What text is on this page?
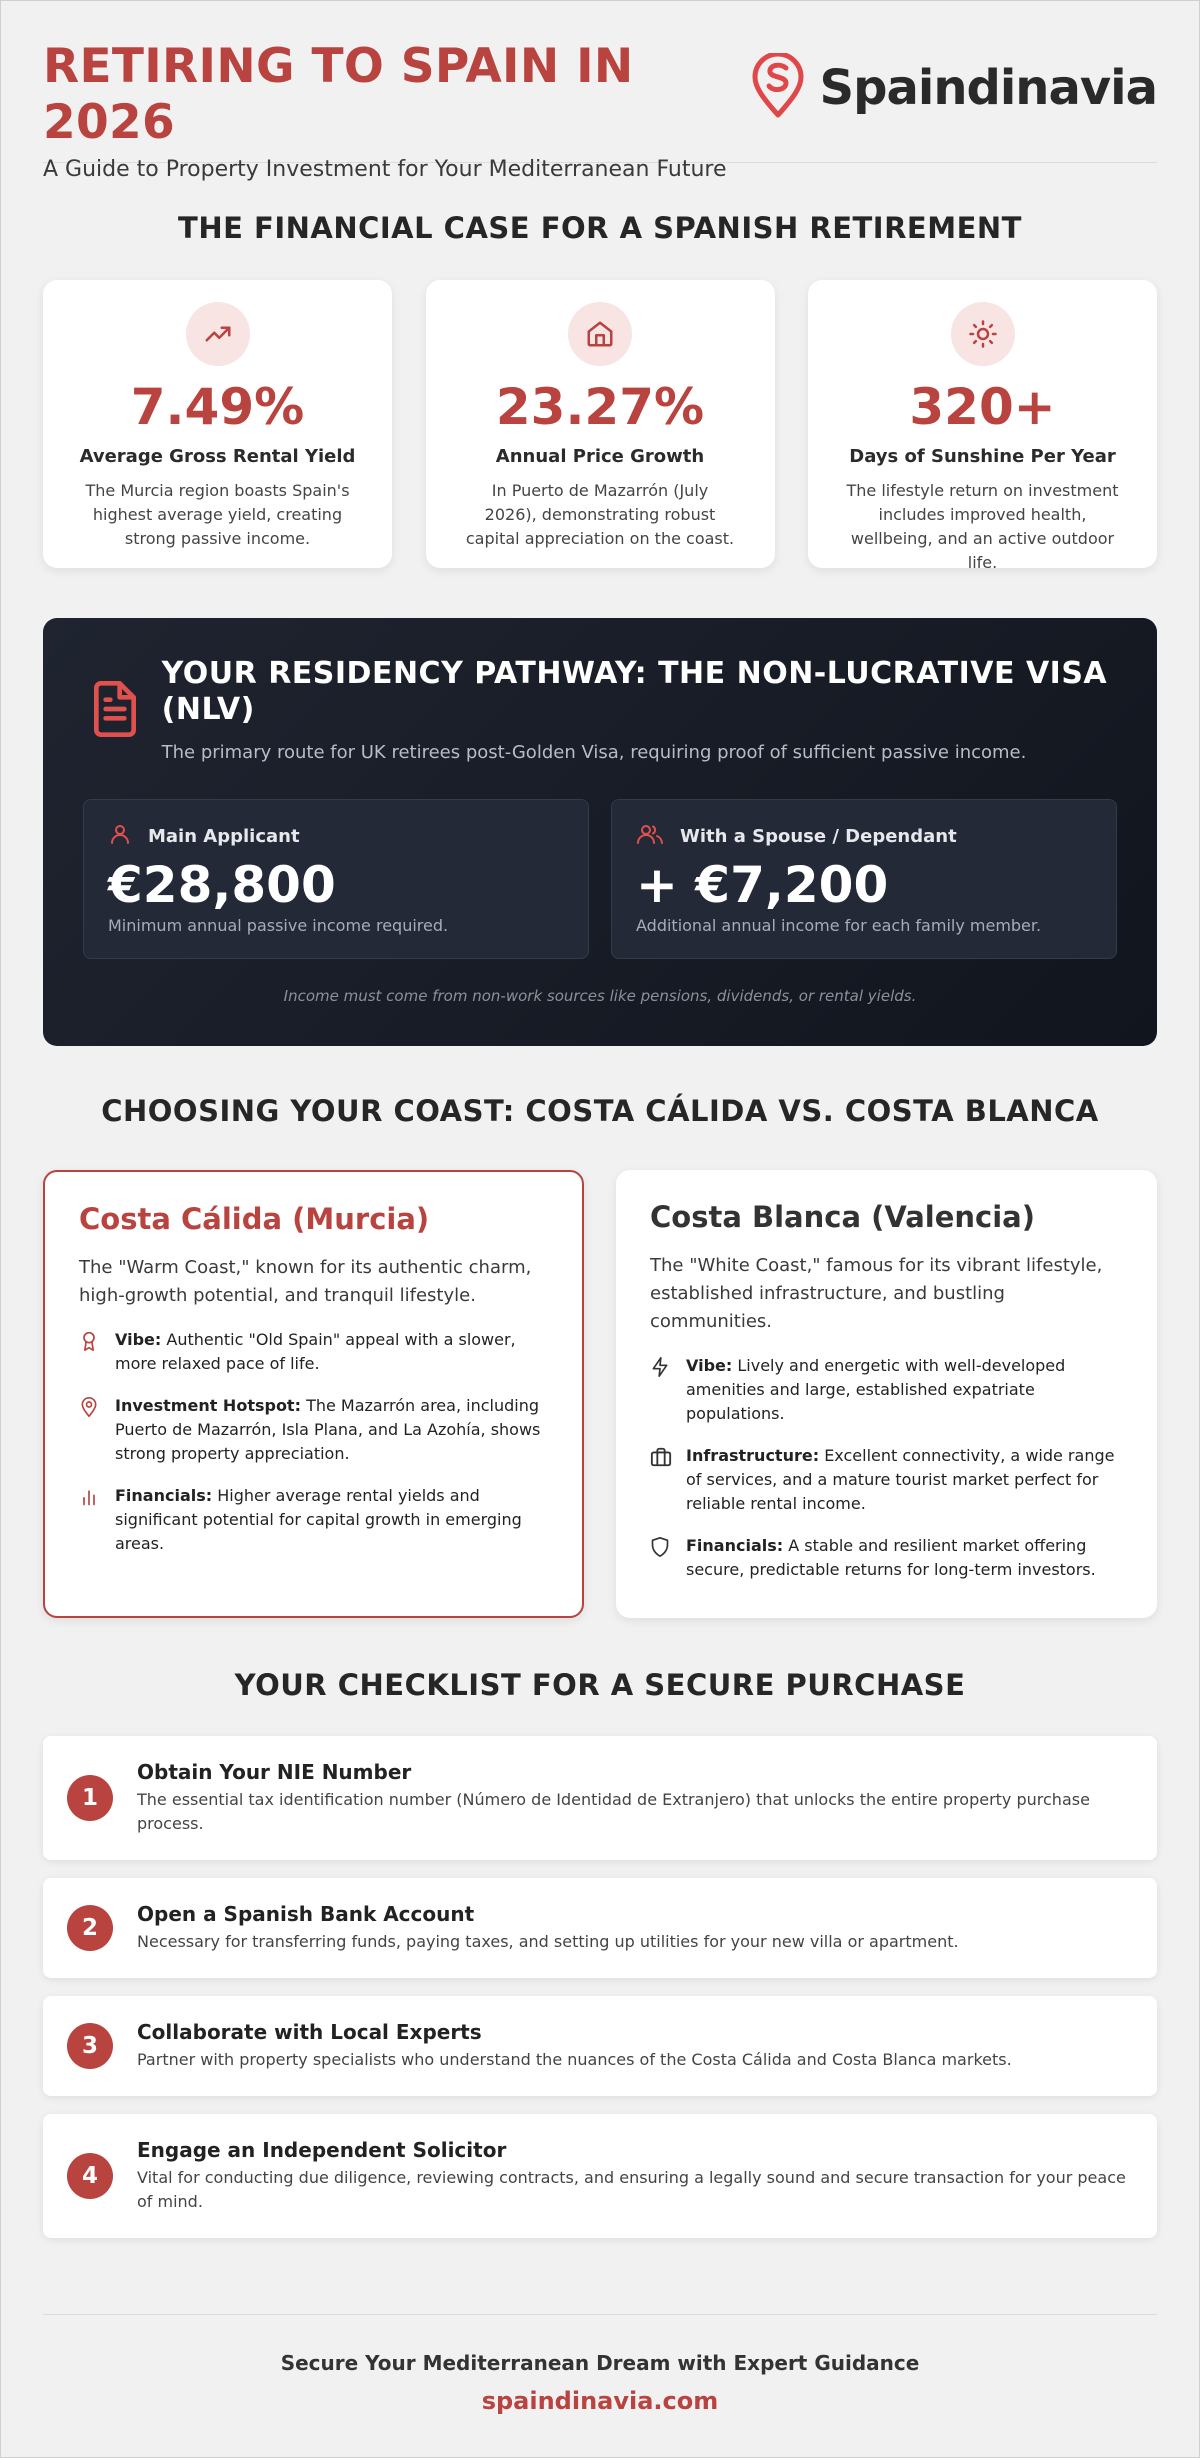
RETIRING TO SPAIN IN 2026
A Guide to Property Investment for Your Mediterranean Future
Spaindinavia
THE FINANCIAL CASE FOR A SPANISH RETIREMENT
7.49%
Average Gross Rental Yield
The Murcia region boasts Spain's highest average yield, creating strong passive income.
23.27%
Annual Price Growth
In Puerto de Mazarrón (July 2026), demonstrating robust capital appreciation on the coast.
320+
Days of Sunshine Per Year
The lifestyle return on investment includes improved health, wellbeing, and an active outdoor life.
YOUR RESIDENCY PATHWAY: THE NON-LUCRATIVE VISA (NLV)
The primary route for UK retirees post-Golden Visa, requiring proof of sufficient passive income.
Main Applicant
€28,800
Minimum annual passive income required.
With a Spouse / Dependant
+ €7,200
Additional annual income for each family member.
Income must come from non-work sources like pensions, dividends, or rental yields.
CHOOSING YOUR COAST: COSTA CÁLIDA VS. COSTA BLANCA
Costa Cálida (Murcia)
The "Warm Coast," known for its authentic charm, high-growth potential, and tranquil lifestyle.
Vibe: Authentic "Old Spain" appeal with a slower, more relaxed pace of life.
Investment Hotspot: The Mazarrón area, including Puerto de Mazarrón, Isla Plana, and La Azohía, shows strong property appreciation.
Financials: Higher average rental yields and significant potential for capital growth in emerging areas.
Costa Blanca (Valencia)
The "White Coast," famous for its vibrant lifestyle, established infrastructure, and bustling communities.
Vibe: Lively and energetic with well-developed amenities and large, established expatriate populations.
Infrastructure: Excellent connectivity, a wide range of services, and a mature tourist market perfect for reliable rental income.
Financials: A stable and resilient market offering secure, predictable returns for long-term investors.
YOUR CHECKLIST FOR A SECURE PURCHASE
1
Obtain Your NIE Number
The essential tax identification number (Número de Identidad de Extranjero) that unlocks the entire property purchase process.
2
Open a Spanish Bank Account
Necessary for transferring funds, paying taxes, and setting up utilities for your new villa or apartment.
3
Collaborate with Local Experts
Partner with property specialists who understand the nuances of the Costa Cálida and Costa Blanca markets.
4
Engage an Independent Solicitor
Vital for conducting due diligence, reviewing contracts, and ensuring a legally sound and secure transaction for your peace of mind.
Secure Your Mediterranean Dream with Expert Guidance
spaindinavia.com
